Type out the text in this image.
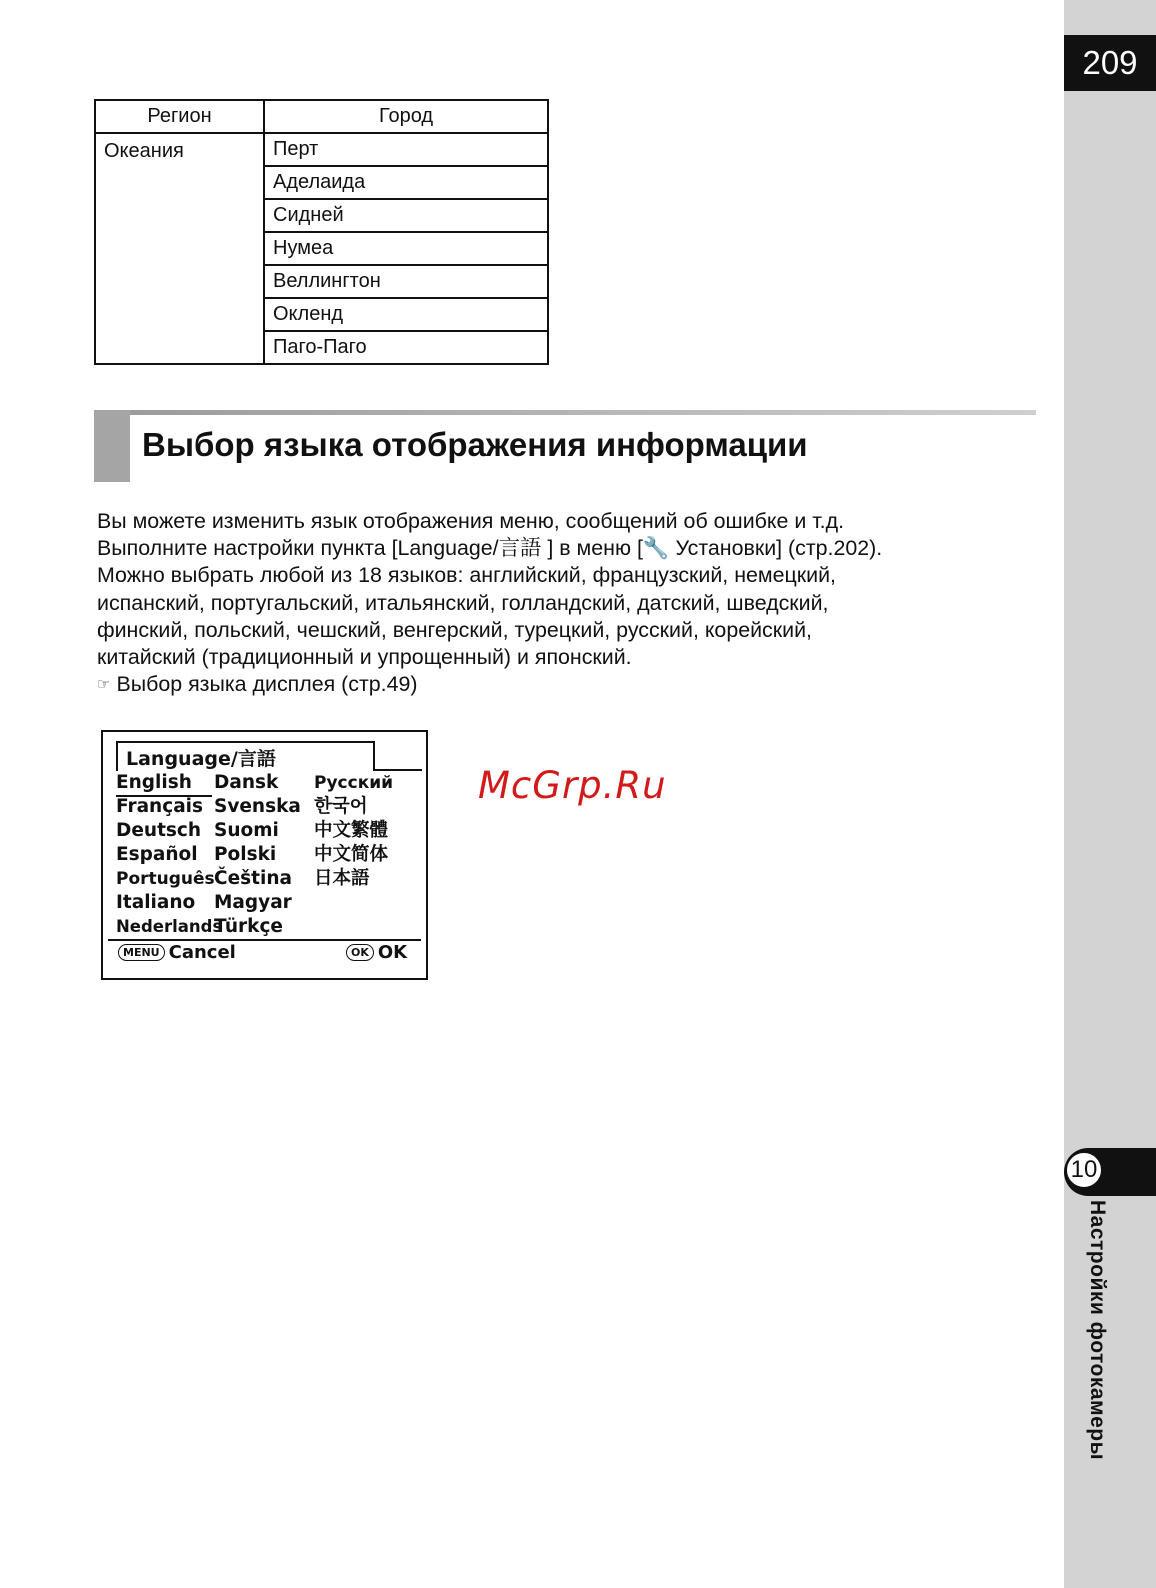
209
10
Настройки фотокамеры
Регион	Город
Океания	Перт
	Аделаида
	Сидней
	Нумеа
	Веллингтон
	Окленд
	Паго-Паго
Выбор языка отображения информации

Вы можете изменить язык отображения меню, сообщений об ошибке и т.д.

Выполните настройки пункта [Language/言語 ] в меню [🔧 Установки] (стр.202).

Можно выбрать любой из 18 языков: английский, французский, немецкий,

испанский, португальский, итальянский, голландский, датский, шведский,

финский, польский, чешский, венгерский, турецкий, русский, корейский,

китайский (традиционный и упрощенный) и японский.

☞ Выбор языка дисплея (стр.49)

Language/言語
English
Français
Deutsch
Español
Português
Italiano
Nederlands
Dansk
Svenska
Suomi
Polski
Čeština
Magyar
Türkçe
Русский
한국어
中文繁體
中文简体
日本語
MENU Cancel	OK OK
McGrp.Ru
